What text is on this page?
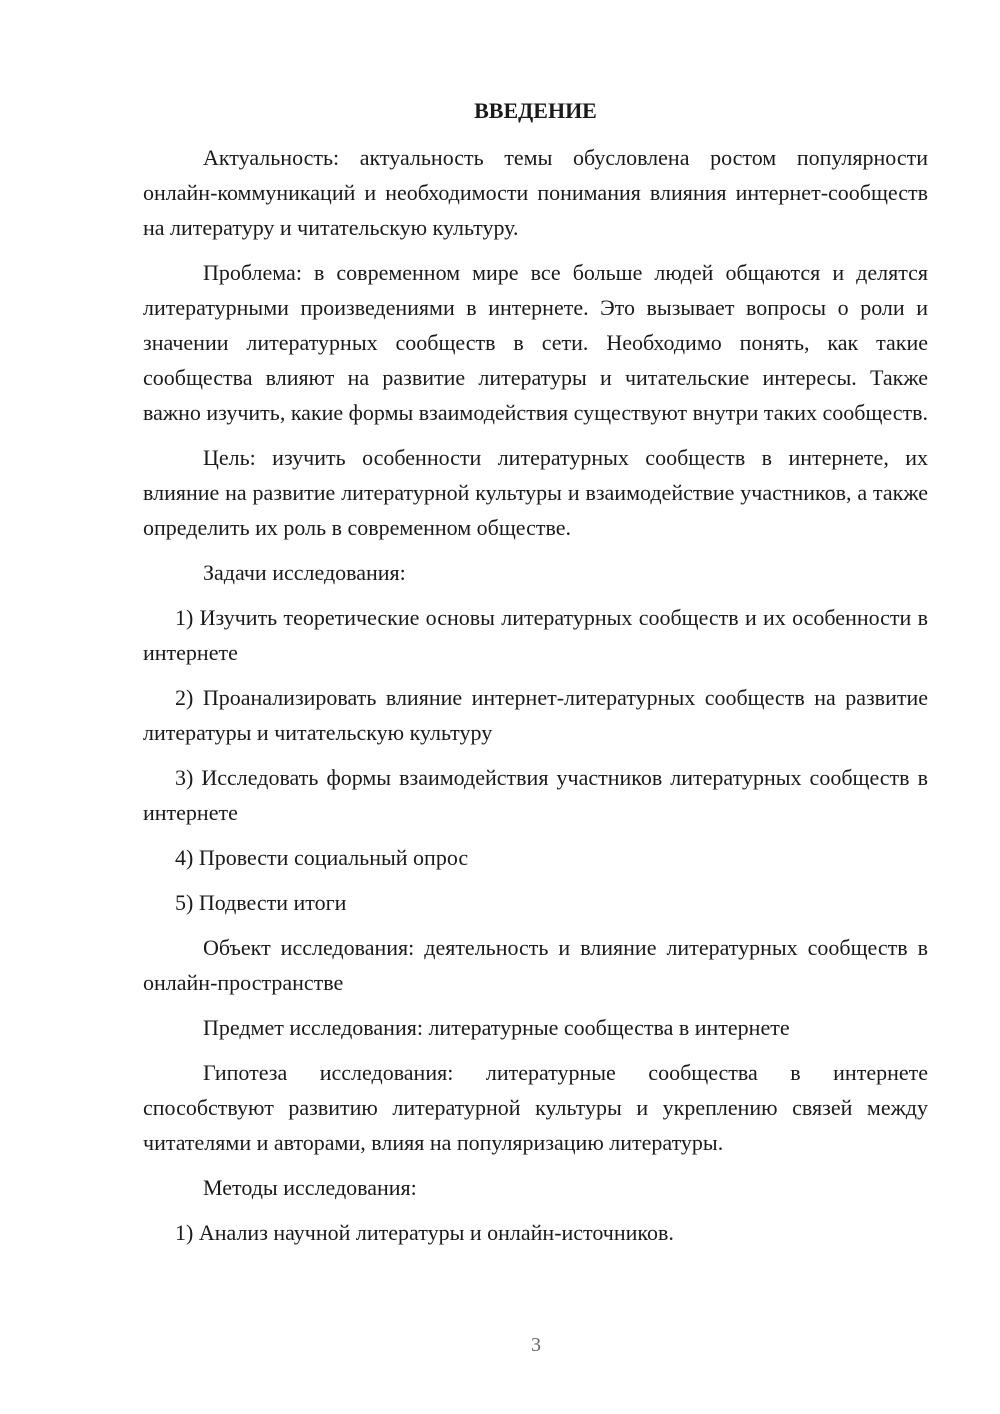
ВВЕДЕНИЕ

Актуальность: актуальность темы обусловлена ростом популярности онлайн-коммуникаций и необходимости понимания влияния интернет-сообществ на литературу и читательскую культуру.

Проблема: в современном мире все больше людей общаются и делятся литературными произведениями в интернете. Это вызывает вопросы о роли и значении литературных сообществ в сети. Необходимо понять, как такие сообщества влияют на развитие литературы и читательские интересы. Также важно изучить, какие формы взаимодействия существуют внутри таких сообществ.

Цель: изучить особенности литературных сообществ в интернете, их влияние на развитие литературной культуры и взаимодействие участников, а также определить их роль в современном обществе.

Задачи исследования:

1) Изучить теоретические основы литературных сообществ и их особенности в интернете

2) Проанализировать влияние интернет-литературных сообществ на развитие литературы и читательскую культуру

3) Исследовать формы взаимодействия участников литературных сообществ в интернете

4) Провести социальный опрос

5) Подвести итоги

Объект исследования: деятельность и влияние литературных сообществ в онлайн-пространстве

Предмет исследования: литературные сообщества в интернете

Гипотеза исследования: литературные сообщества в интернете способствуют развитию литературной культуры и укреплению связей между читателями и авторами, влияя на популяризацию литературы.

Методы исследования:

1) Анализ научной литературы и онлайн-источников.

3
